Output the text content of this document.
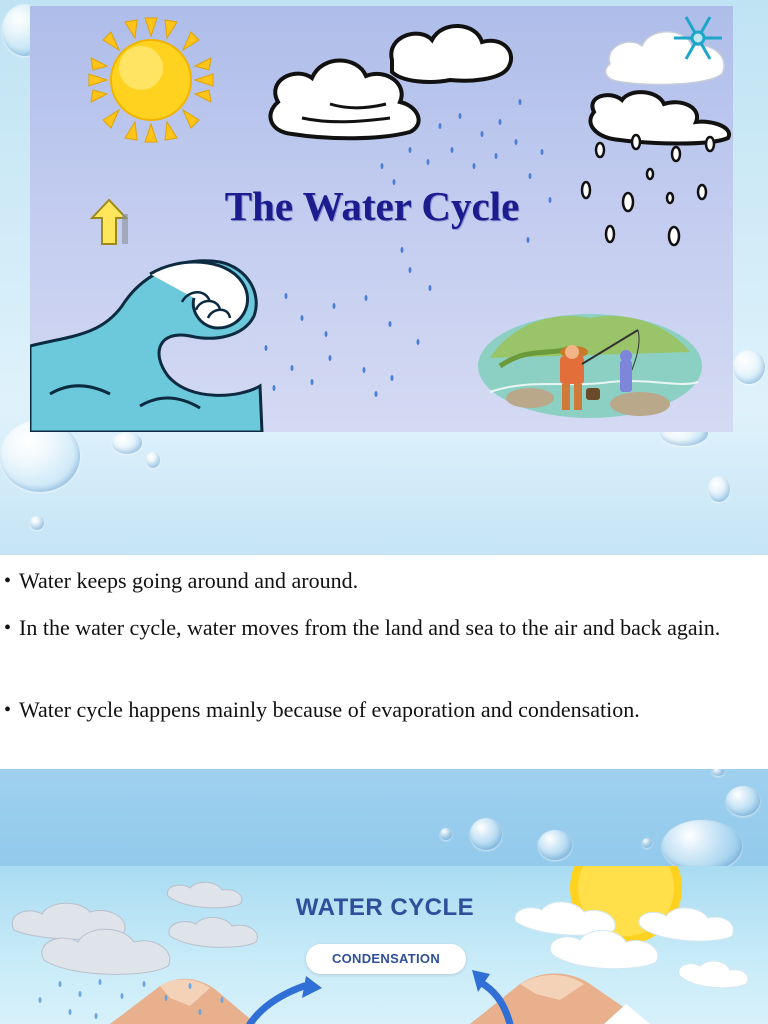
The Water Cycle
• Water keeps going around and around.
• In the water cycle, water moves from the land and sea to the air and back again.
• Water cycle happens mainly because of evaporation and condensation.
WATER CYCLE
CONDENSATION
